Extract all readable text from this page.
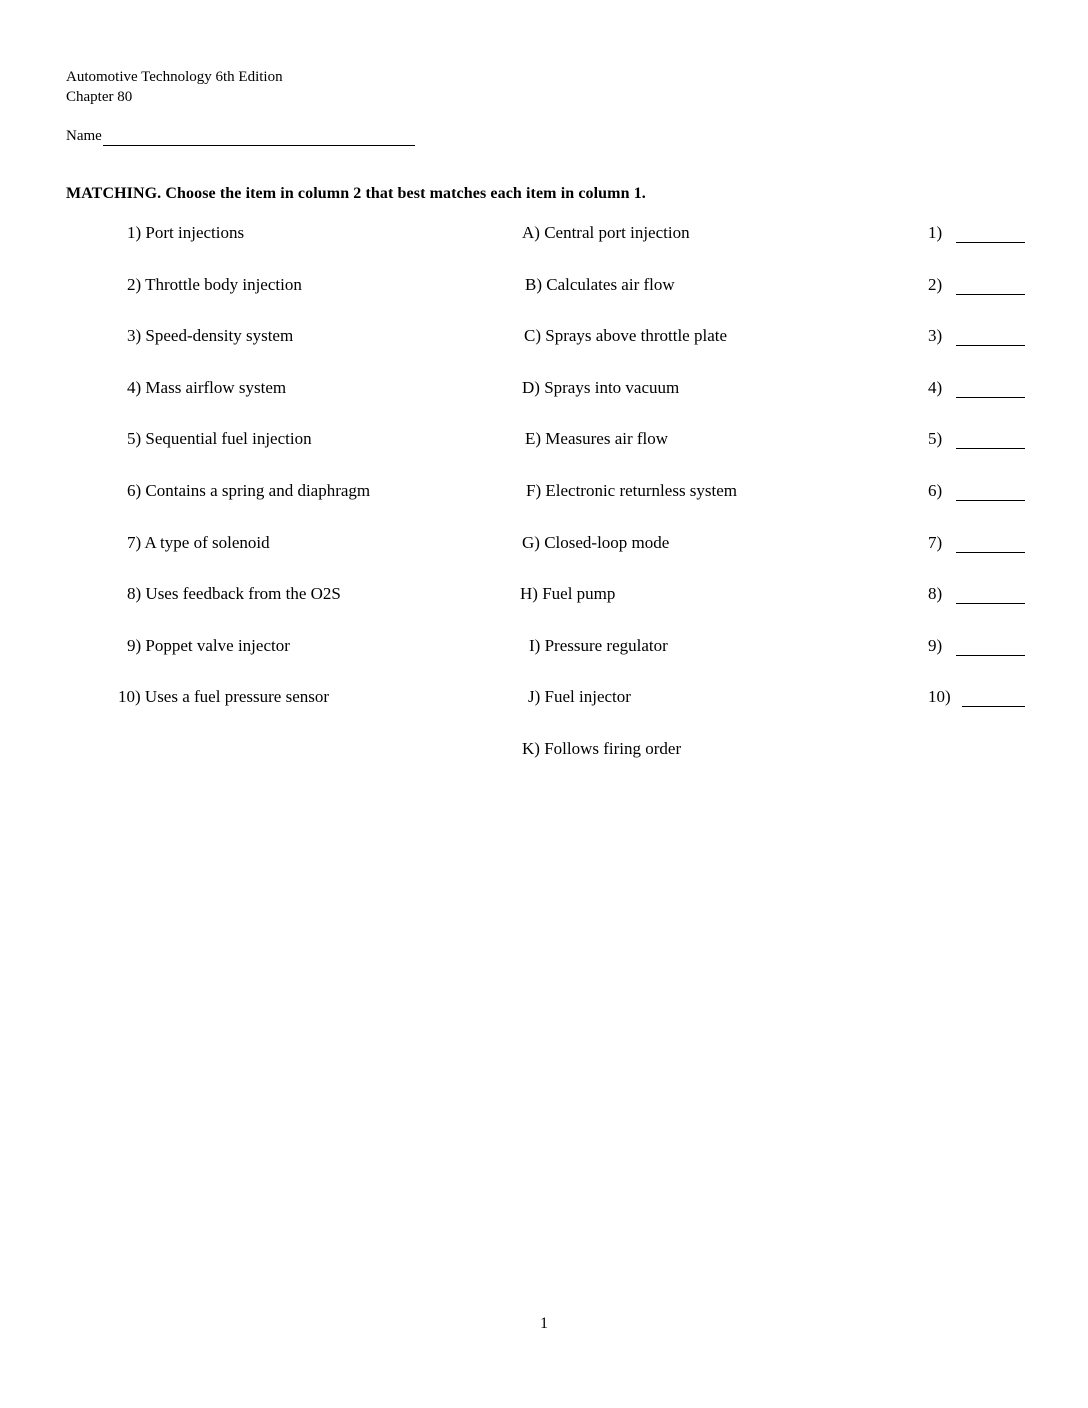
Automotive Technology 6th Edition
Chapter 80
Name
MATCHING. Choose the item in column 2 that best matches each item in column 1.
1) Port injections
2) Throttle body injection
3) Speed-density system
4) Mass airflow system
5) Sequential fuel injection
6) Contains a spring and diaphragm
7) A type of solenoid
8) Uses feedback from the O2S
9) Poppet valve injector
10) Uses a fuel pressure sensor
A) Central port injection
B) Calculates air flow
C) Sprays above throttle plate
D) Sprays into vacuum
E) Measures air flow
F) Electronic returnless system
G) Closed-loop mode
H) Fuel pump
I) Pressure regulator
J) Fuel injector
K) Follows firing order
1)
2)
3)
4)
5)
6)
7)
8)
9)
10)
1
